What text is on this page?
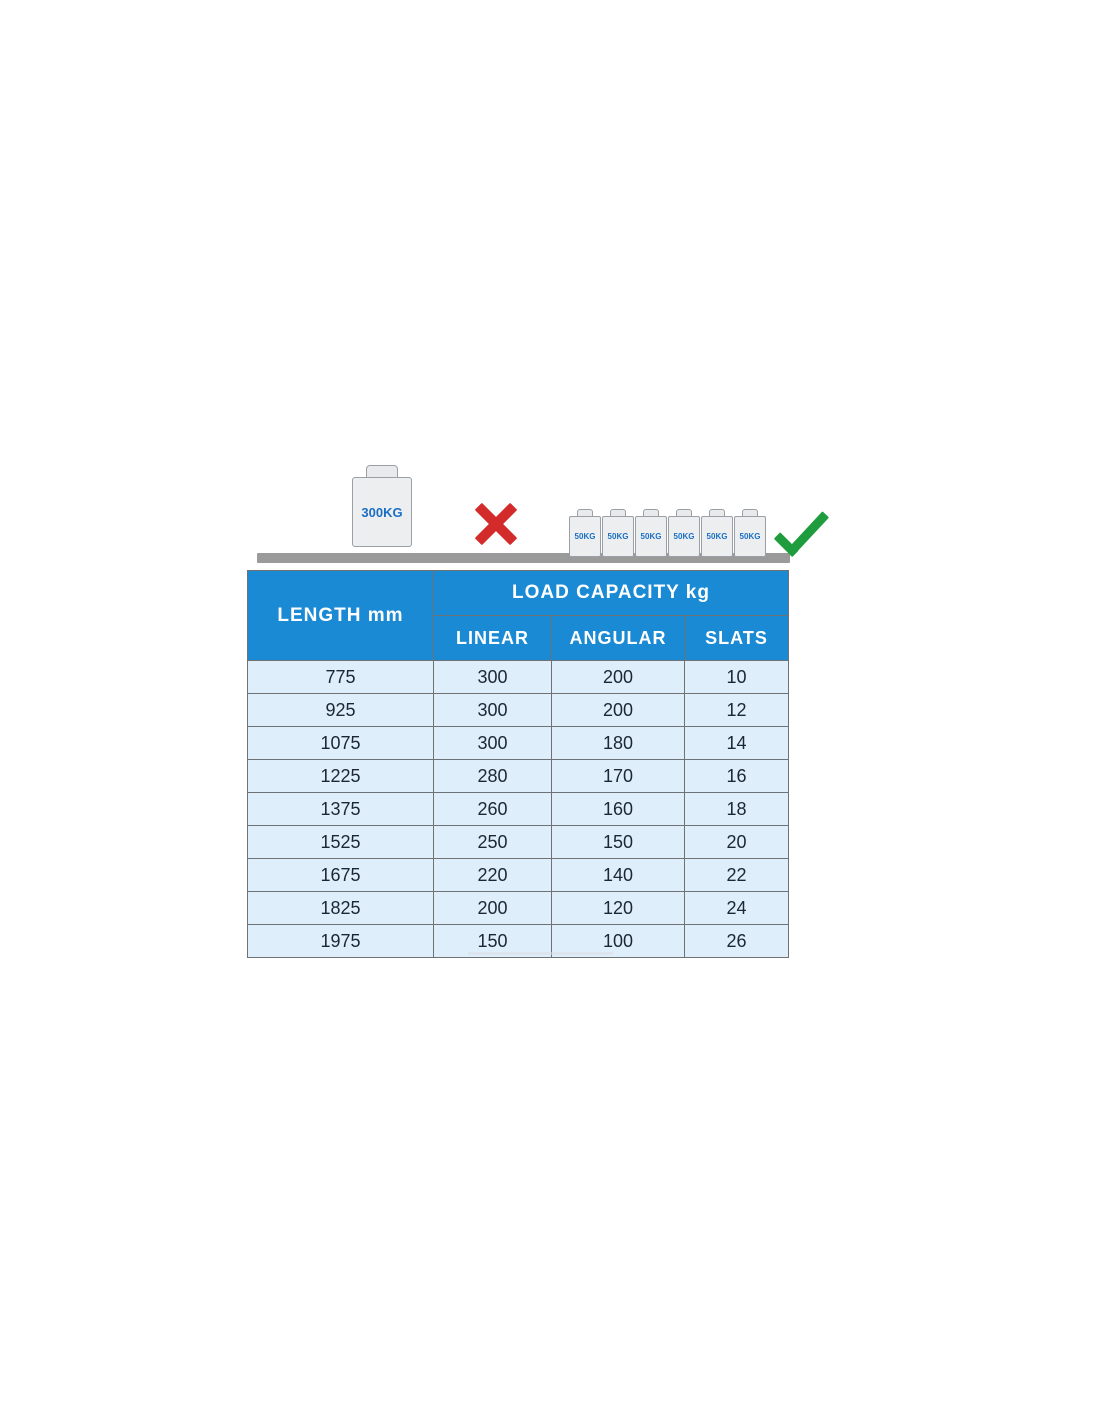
300KG
50KG 50KG 50KG 50KG 50KG 50KG
LENGTH mm	LOAD CAPACITY kg		
	LINEAR	ANGULAR	SLATS
775	300	200	10
925	300	200	12
1075	300	180	14
1225	280	170	16
1375	260	160	18
1525	250	150	20
1675	220	140	22
1825	200	120	24
1975	150	100	26
